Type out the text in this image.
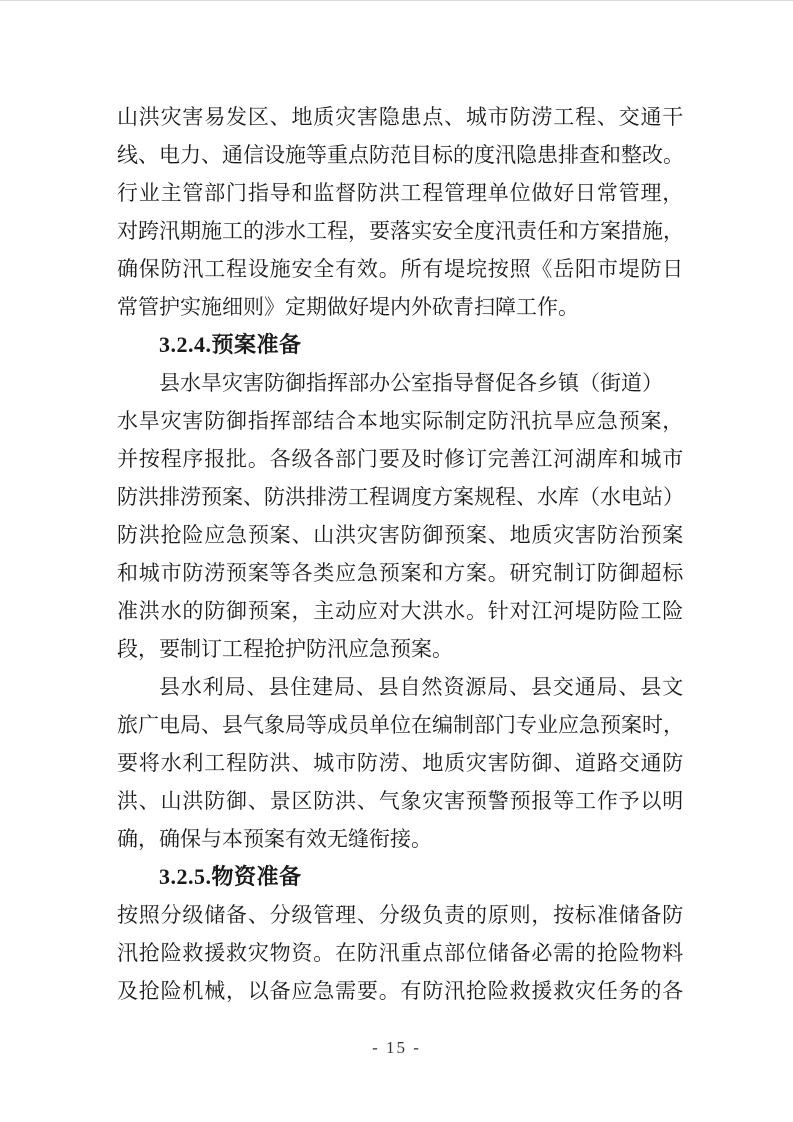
山洪灾害易发区、地质灾害隐患点、城市防涝工程、交通干
线、电力、通信设施等重点防范目标的度汛隐患排查和整改。
行业主管部门指导和监督防洪工程管理单位做好日常管理，
对跨汛期施工的涉水工程，要落实安全度汛责任和方案措施，
确保防汛工程设施安全有效。所有堤垸按照《岳阳市堤防日
常管护实施细则》定期做好堤内外砍青扫障工作。
3.2.4.预案准备
县水旱灾害防御指挥部办公室指导督促各乡镇（街道）
水旱灾害防御指挥部结合本地实际制定防汛抗旱应急预案，
并按程序报批。各级各部门要及时修订完善江河湖库和城市
防洪排涝预案、防洪排涝工程调度方案规程、水库（水电站）
防洪抢险应急预案、山洪灾害防御预案、地质灾害防治预案
和城市防涝预案等各类应急预案和方案。研究制订防御超标
准洪水的防御预案，主动应对大洪水。针对江河堤防险工险
段，要制订工程抢护防汛应急预案。
县水利局、县住建局、县自然资源局、县交通局、县文
旅广电局、县气象局等成员单位在编制部门专业应急预案时，
要将水利工程防洪、城市防涝、地质灾害防御、道路交通防
洪、山洪防御、景区防洪、气象灾害预警预报等工作予以明
确，确保与本预案有效无缝衔接。
3.2.5.物资准备
按照分级储备、分级管理、分级负责的原则，按标准储备防
汛抢险救援救灾物资。在防汛重点部位储备必需的抢险物料
及抢险机械，以备应急需要。有防汛抢险救援救灾任务的各
- 15 -
